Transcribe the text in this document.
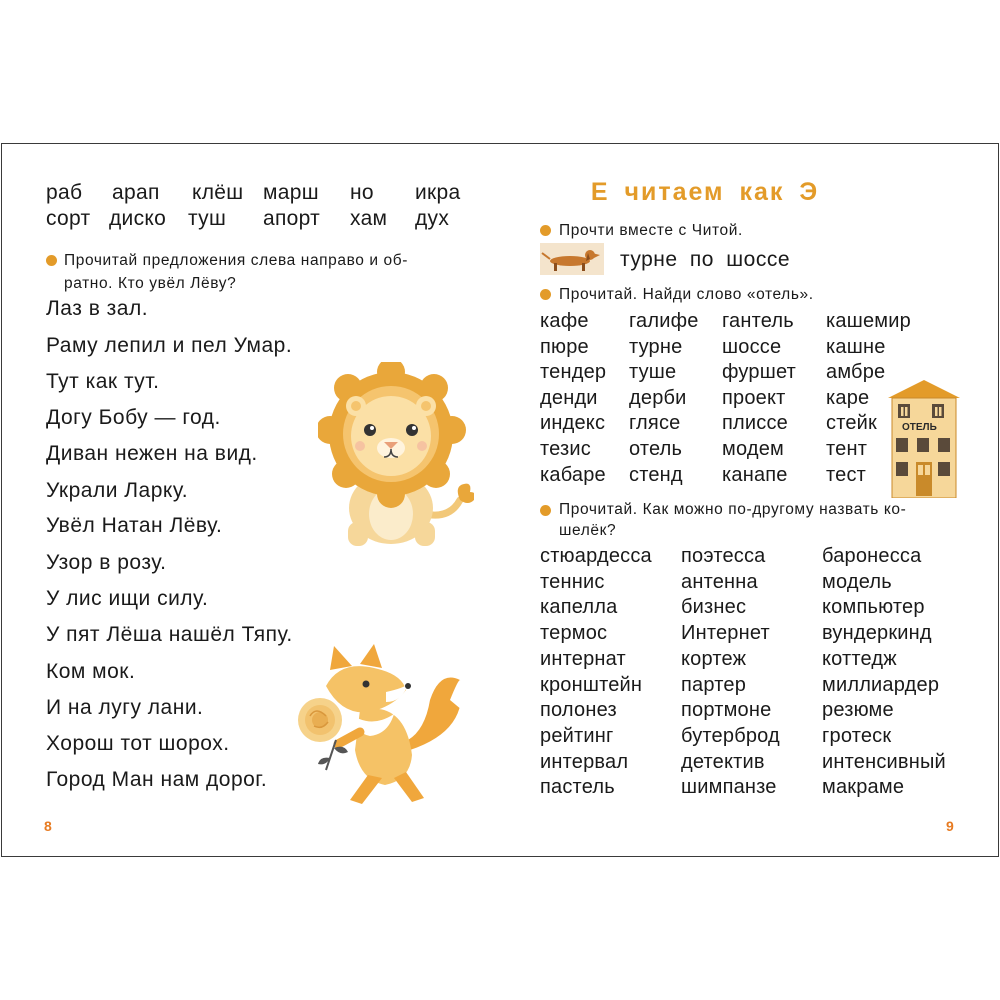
раб арап клёш марш но икра
сорт диско туш апорт хам дух
Прочитай предложения слева направо и об-
ратно. Кто увёл Лёву?
Лаз в зал.
Раму лепил и пел Умар.
Тут как тут.
Догу Бобу — год.
Диван нежен на вид.
Украли Ларку.
Увёл Натан Лёву.
Узор в розу.
У лис ищи силу.
У пят Лёша нашёл Тяпу.
Ком мок.
И на лугу лани.
Хорош тот шорох.
Город Ман нам дорог.
8
Е читаем как Э
Прочти вместе с Читой.
турне по шоссе
Прочитай. Найди слово «отель».
кафе галифе гантель кашемир
пюре турне шоссе кашне
тендер туше фуршет амбре
денди дерби проект каре
индекс глясе плиссе стейк
тезис отель модем тент
кабаре стенд канапе тест
ОТЕЛЬ
Прочитай. Как можно по-другому назвать ко-
шелёк?
стюардесса поэтесса	баронесса
теннис	антенна	модель
капелла	бизнес	компьютер
термос	Интернет	вундеркинд
интернат	кортеж	коттедж
кронштейн партер	миллиардер
полонез	портмоне	резюме
рейтинг	бутерброд гротеск
интервал	детектив	интенсивный
пастель	шимпанзе макраме
9
